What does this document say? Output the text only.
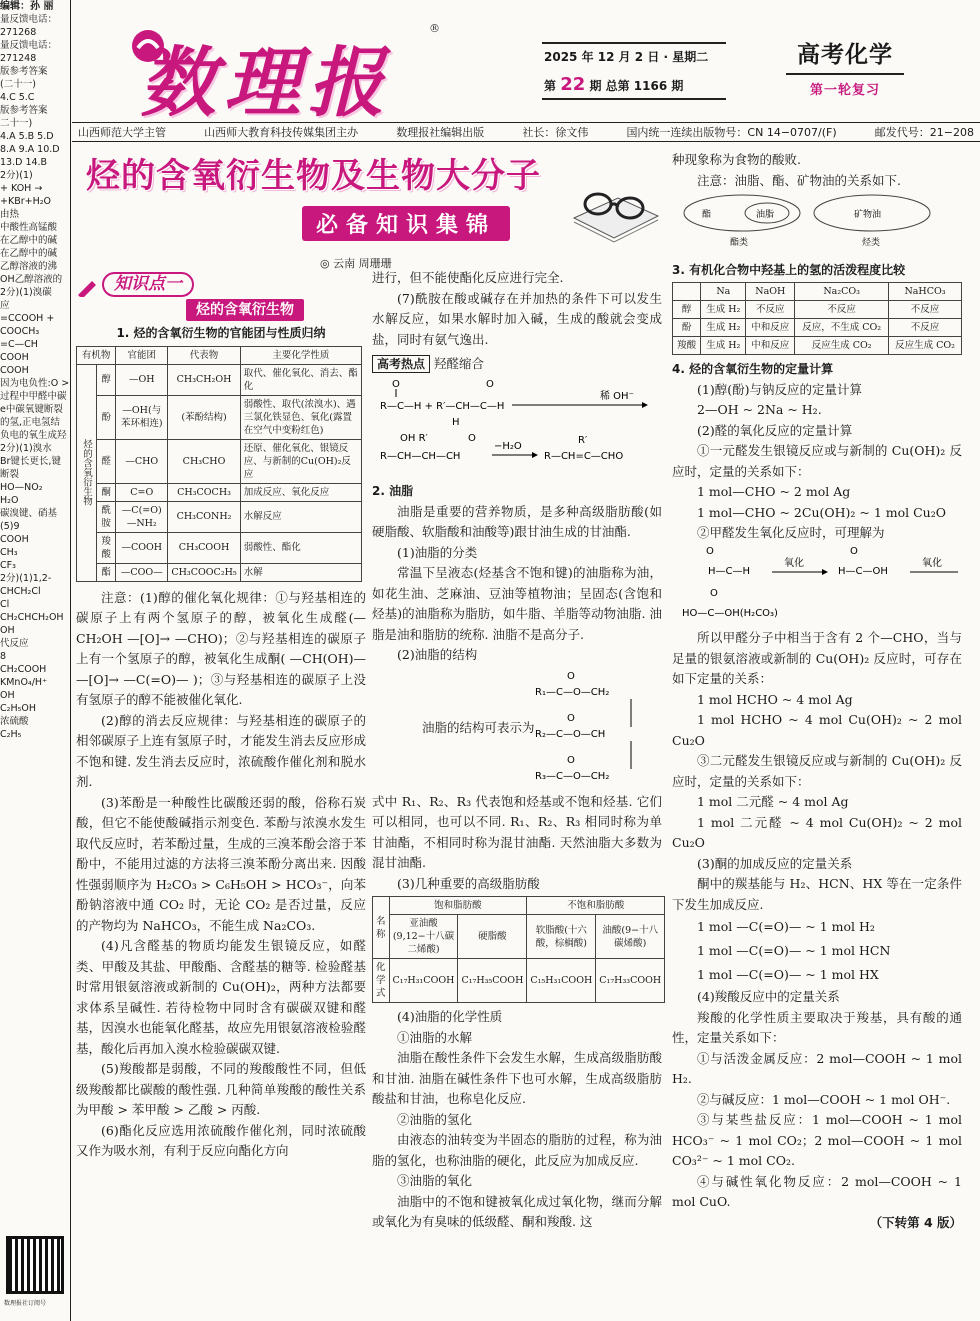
编辑：孙 丽
量反馈电话：
271268
量反馈电话：
271248
版参考答案
(二十一)
4.C 5.C
版参考答案
二十一)
4.A 5.B 5.D
8.A 9.A 10.D
13.D 14.B
2分)(1)
+ KOH →
+KBr+H₂O
由热
中酸性高锰酸
在乙醇中的碱
在乙醇中的碱
乙醇溶液的沸
OH乙醇溶液的
2分)(1)溴碳
应
=CCOOH +
COOCH₃
=C—CH
COOH
COOH
因为电负性:O >
过程中甲醛中碳
e中碳氧键断裂
的氢,正电氢结
负电的氧生成羟
2分)(1)溴水
Br键长更长,键
断裂
HO—NO₂
H₂O
碳溴键、硝基
(5)9
COOH
CH₃
CF₃
2分)(1)1,2-
CHCH₂Cl
Cl
CH₂CHCH₂OH
OH
代反应
8
CH₂COOH
KMnO₄/H⁺
OH
C₂H₅OH
浓硫酸
C₂H₅
数理报社订阅号
数理报
®
2025 年 12 月 2 日 · 星期二
第 22 期 总第 1166 期
高考化学
第一轮复习
山西师范大学主管	山西师大教育科技传媒集团主办	数理报社编辑出版	社长：徐文伟	国内统一连续出版物号：CN 14−0707/(F)	邮发代号：21−208
烃的含氧衍生物及生物大分子
必备知识集锦
◎ 云南 周珊珊
知识点一
烃的含氧衍生物

1. 烃的含氧衍生物的官能团与性质归纳

有机物		官能团	代表物	主要化学性质
烃的含氧衍生物	醇	—OH	CH₃CH₂OH	取代、催化氧化、消去、酯化
	酚	—OH(与苯环相连)	(苯酚结构)	弱酸性、取代(浓溴水)、遇三氯化铁显色、氧化(露置在空气中变粉红色)
	醛	—CHO	CH₃CHO	还原、催化氧化、银镜反应、与新制的Cu(OH)₂反应
	酮	C=O	CH₃COCH₃	加成反应、氧化反应
	酰胺	—C(=O)—NH₂	CH₃CONH₂	水解反应
	羧酸	—COOH	CH₃COOH	弱酸性、酯化
	酯	—COO—	CH₃COOC₂H₅	水解

注意：(1)醇的催化氧化规律：①与羟基相连的碳原子上有两个氢原子的醇，被氧化生成醛(—CH₂OH —[O]→ —CHO)；②与羟基相连的碳原子上有一个氢原子的醇，被氧化生成酮( —CH(OH)— —[O]→ —C(=O)— )；③与羟基相连的碳原子上没有氢原子的醇不能被催化氧化.

(2)醇的消去反应规律：与羟基相连的碳原子的相邻碳原子上连有氢原子时，才能发生消去反应形成不饱和键. 发生消去反应时，浓硫酸作催化剂和脱水剂.

(3)苯酚是一种酸性比碳酸还弱的酸，俗称石炭酸，但它不能使酸碱指示剂变色. 苯酚与浓溴水发生取代反应时，若苯酚过量，生成的三溴苯酚会溶于苯酚中，不能用过滤的方法将三溴苯酚分离出来. 因酸性强弱顺序为 H₂CO₃ > C₆H₅OH > HCO₃⁻，向苯酚钠溶液中通 CO₂ 时，无论 CO₂ 是否过量，反应的产物均为 NaHCO₃，不能生成 Na₂CO₃.

(4)凡含醛基的物质均能发生银镜反应，如醛类、甲酸及其盐、甲酸酯、含醛基的糖等. 检验醛基时常用银氨溶液或新制的 Cu(OH)₂，两种方法都要求体系呈碱性. 若待检物中同时含有碳碳双键和醛基，因溴水也能氧化醛基，故应先用银氨溶液检验醛基，酸化后再加入溴水检验碳碳双键.

(5)羧酸都是弱酸，不同的羧酸酸性不同，但低级羧酸都比碳酸的酸性强. 几种简单羧酸的酸性关系为甲酸 > 苯甲酸 > 乙酸 > 丙酸.

(6)酯化反应选用浓硫酸作催化剂，同时浓硫酸又作为吸水剂，有利于反应向酯化方向

进行，但不能使酯化反应进行完全.

(7)酰胺在酸或碱存在并加热的条件下可以发生水解反应，如果水解时加入碱，生成的酸就会变成盐，同时有氨气逸出.

高考热点 羟醛缩合

O
R—C—H + R′—CH—C—H
H
O
稀 OH⁻
OH R′
R—CH—CH—CH
O
−H₂O
R—CH=C—CHO
R′

2. 油脂

油脂是重要的营养物质，是多种高级脂肪酸(如硬脂酸、软脂酸和油酸等)跟甘油生成的甘油酯.

(1)油脂的分类

常温下呈液态(烃基含不饱和键)的油脂称为油，如花生油、芝麻油、豆油等植物油；呈固态(含饱和烃基)的油脂称为脂肪，如牛脂、羊脂等动物油脂. 油脂是油和脂肪的统称. 油脂不是高分子.

(2)油脂的结构

油脂的结构可表示为
R₁—C—O—CH₂
O
R₂—C—O—CH
O
R₃—C—O—CH₂
O

式中 R₁、R₂、R₃ 代表饱和烃基或不饱和烃基. 它们可以相同，也可以不同. R₁、R₂、R₃ 相同时称为单甘油酯，不相同时称为混甘油酯. 天然油脂大多数为混甘油酯.

(3)几种重要的高级脂肪酸

名称	饱和脂肪酸		不饱和脂肪酸	
	亚油酸(9,12−十八碳二烯酸)	硬脂酸	软脂酸(十六酸，棕榈酸)	油酸(9−十八碳烯酸)
化学式	C₁₇H₃₁COOH	C₁₇H₃₅COOH	C₁₅H₃₁COOH	C₁₇H₃₃COOH

(4)油脂的化学性质

①油脂的水解

油脂在酸性条件下会发生水解，生成高级脂肪酸和甘油. 油脂在碱性条件下也可水解，生成高级脂肪酸盐和甘油，也称皂化反应.

②油脂的氢化

由液态的油转变为半固态的脂肪的过程，称为油脂的氢化，也称油脂的硬化，此反应为加成反应.

③油脂的氧化

油脂中的不饱和键被氧化成过氧化物，继而分解或氧化为有臭味的低级醛、酮和羧酸. 这

种现象称为食物的酸败.

注意：油脂、酯、矿物油的关系如下.

酯	油脂	矿物油
酯类	烃类

3. 有机化合物中羟基上的氢的活泼程度比较

	Na	NaOH	Na₂CO₃	NaHCO₃
醇	生成 H₂	不反应	不反应	不反应
酚	生成 H₂	中和反应	反应，不生成 CO₂	不反应
羧酸	生成 H₂	中和反应	反应生成 CO₂	反应生成 CO₂

4. 烃的含氧衍生物的定量计算

(1)醇(酚)与钠反应的定量计算

2—OH ~ 2Na ~ H₂.

(2)醛的氧化反应的定量计算

①一元醛发生银镜反应或与新制的 Cu(OH)₂ 反应时，定量的关系如下：

1 mol—CHO ~ 2 mol Ag

1 mol—CHO ~ 2Cu(OH)₂ ~ 1 mol Cu₂O

②甲醛发生氧化反应时，可理解为

O
H—C—H
氧化
O
H—C—OH
氧化
O
HO—C—OH(H₂CO₃)

所以甲醛分子中相当于含有 2 个—CHO，当与足量的银氨溶液或新制的 Cu(OH)₂ 反应时，可存在如下定量的关系：

1 mol HCHO ~ 4 mol Ag

1 mol HCHO ~ 4 mol Cu(OH)₂ ~ 2 mol Cu₂O

③二元醛发生银镜反应或与新制的 Cu(OH)₂ 反应时，定量的关系如下：

1 mol 二元醛 ~ 4 mol Ag

1 mol 二元醛 ~ 4 mol Cu(OH)₂ ~ 2 mol Cu₂O

(3)酮的加成反应的定量关系

酮中的羰基能与 H₂、HCN、HX 等在一定条件下发生加成反应.

1 mol —C(=O)— ~ 1 mol H₂

1 mol —C(=O)— ~ 1 mol HCN

1 mol —C(=O)— ~ 1 mol HX

(4)羧酸反应中的定量关系

羧酸的化学性质主要取决于羧基，具有酸的通性，定量关系如下：

①与活泼金属反应：2 mol—COOH ~ 1 mol H₂.

②与碱反应：1 mol—COOH ~ 1 mol OH⁻.

③与某些盐反应：1 mol—COOH ~ 1 mol HCO₃⁻ ~ 1 mol CO₂；2 mol—COOH ~ 1 mol CO₃²⁻ ~ 1 mol CO₂.

④与碱性氧化物反应：2 mol—COOH ~ 1 mol CuO.

（下转第 4 版）
